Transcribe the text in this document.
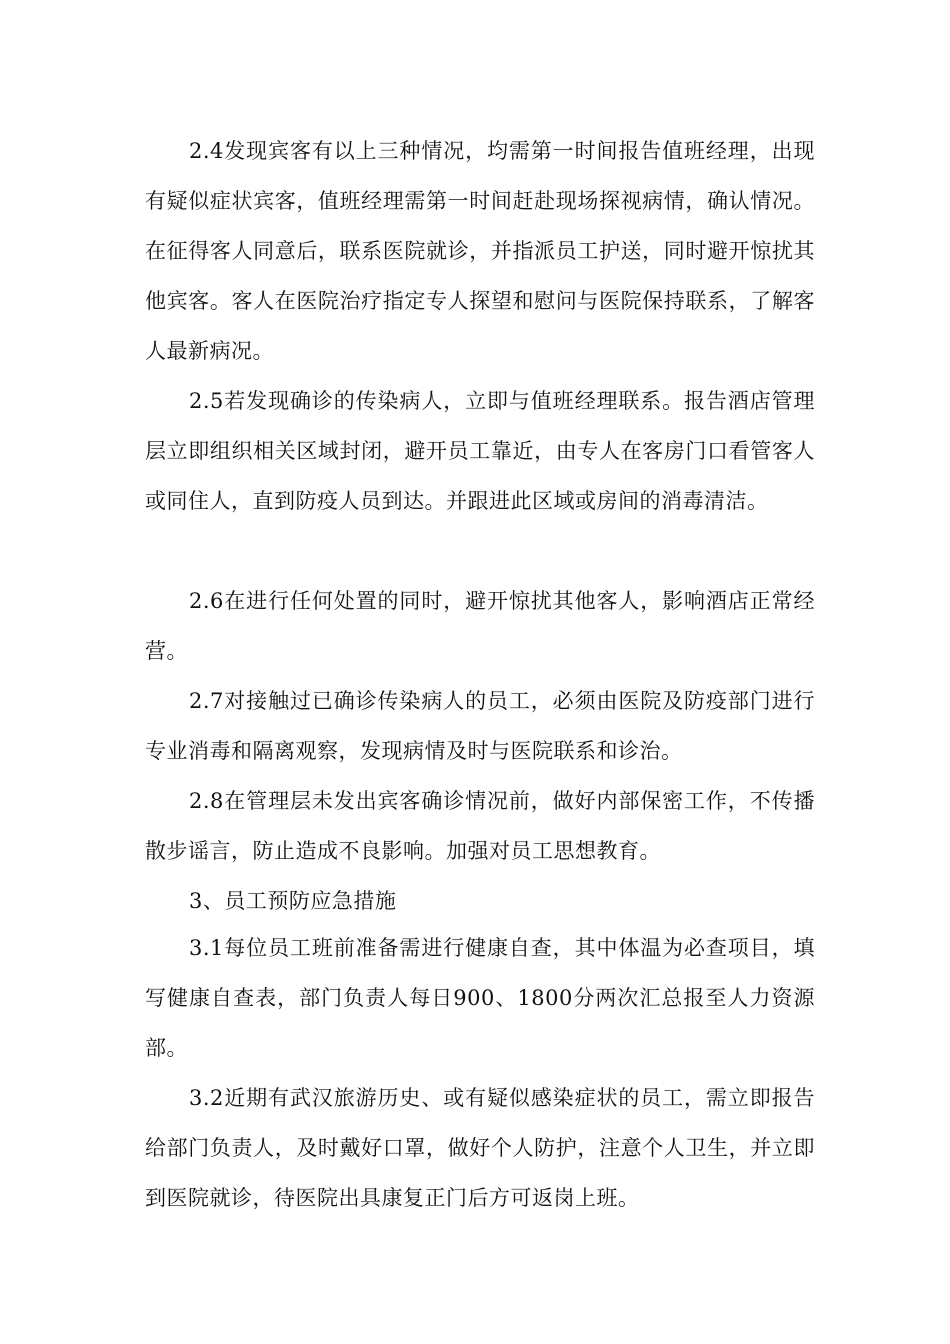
2.4发现宾客有以上三种情况，均需第一时间报告值班经理，出现有疑似症状宾客，值班经理需第一时间赶赴现场探视病情，确认情况。在征得客人同意后，联系医院就诊，并指派员工护送，同时避开惊扰其他宾客。客人在医院治疗指定专人探望和慰问与医院保持联系，了解客人最新病况。

2.5若发现确诊的传染病人，立即与值班经理联系。报告酒店管理层立即组织相关区域封闭，避开员工靠近，由专人在客房门口看管客人或同住人，直到防疫人员到达。并跟进此区域或房间的消毒清洁。

2.6在进行任何处置的同时，避开惊扰其他客人，影响酒店正常经营。

2.7对接触过已确诊传染病人的员工，必须由医院及防疫部门进行专业消毒和隔离观察，发现病情及时与医院联系和诊治。

2.8在管理层未发出宾客确诊情况前，做好内部保密工作，不传播散步谣言，防止造成不良影响。加强对员工思想教育。

3、员工预防应急措施

3.1每位员工班前准备需进行健康自查，其中体温为必查项目，填写健康自查表，部门负责人每日900、1800分两次汇总报至人力资源部。

3.2近期有武汉旅游历史、或有疑似感染症状的员工，需立即报告给部门负责人，及时戴好口罩，做好个人防护，注意个人卫生，并立即到医院就诊，待医院出具康复正门后方可返岗上班。
